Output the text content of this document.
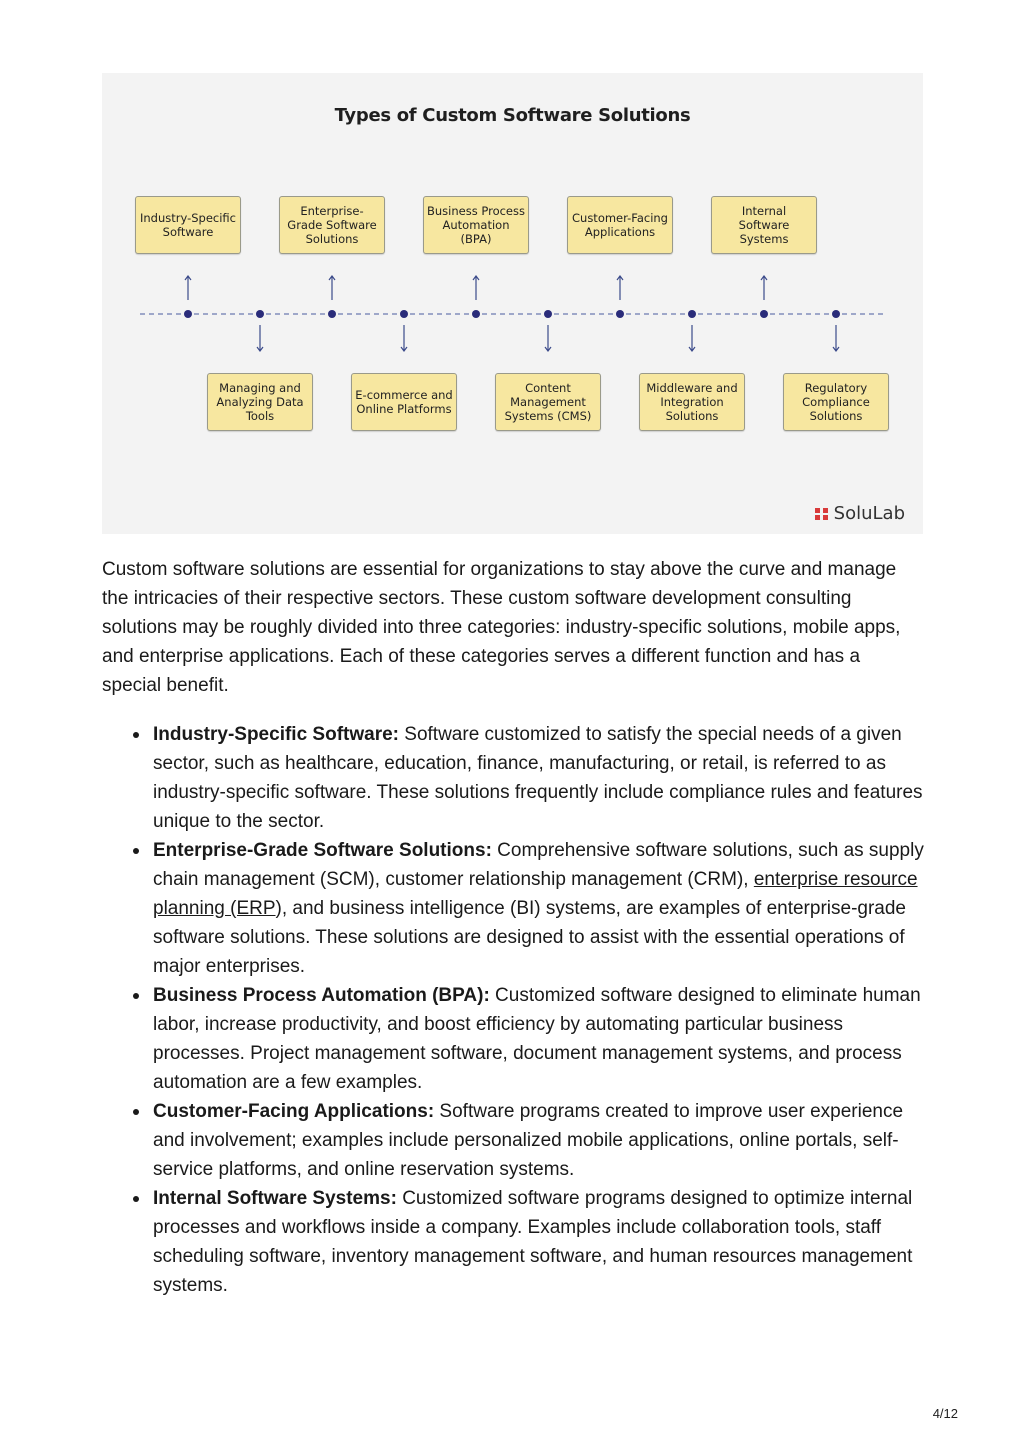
Types of Custom Software Solutions
Industry-Specific
Software
Enterprise-
Grade Software
Solutions
Business Process
Automation (BPA)
Customer-Facing
Applications
Internal Software
Systems
Managing and
Analyzing Data
Tools
E-commerce and
Online Platforms
Content
Management
Systems (CMS)
Middleware and
Integration
Solutions
Regulatory
Compliance
Solutions
SoluLab

Custom software solutions are essential for organizations to stay above the curve and manage the intricacies of their respective sectors. These custom software development consulting solutions may be roughly divided into three categories: industry-specific solutions, mobile apps, and enterprise applications. Each of these categories serves a different function and has a special benefit.

Industry-Specific Software: Software customized to satisfy the special needs of a given sector, such as healthcare, education, finance, manufacturing, or retail, is referred to as industry-specific software. These solutions frequently include compliance rules and features unique to the sector.
Enterprise-Grade Software Solutions: Comprehensive software solutions, such as supply chain management (SCM), customer relationship management (CRM), enterprise resource planning (ERP), and business intelligence (BI) systems, are examples of enterprise-grade software solutions. These solutions are designed to assist with the essential operations of major enterprises.
Business Process Automation (BPA): Customized software designed to eliminate human labor, increase productivity, and boost efficiency by automating particular business processes. Project management software, document management systems, and process automation are a few examples.
Customer-Facing Applications: Software programs created to improve user experience and involvement; examples include personalized mobile applications, online portals, self-service platforms, and online reservation systems.
Internal Software Systems: Customized software programs designed to optimize internal processes and workflows inside a company. Examples include collaboration tools, staff scheduling software, inventory management software, and human resources management systems.
4/12
